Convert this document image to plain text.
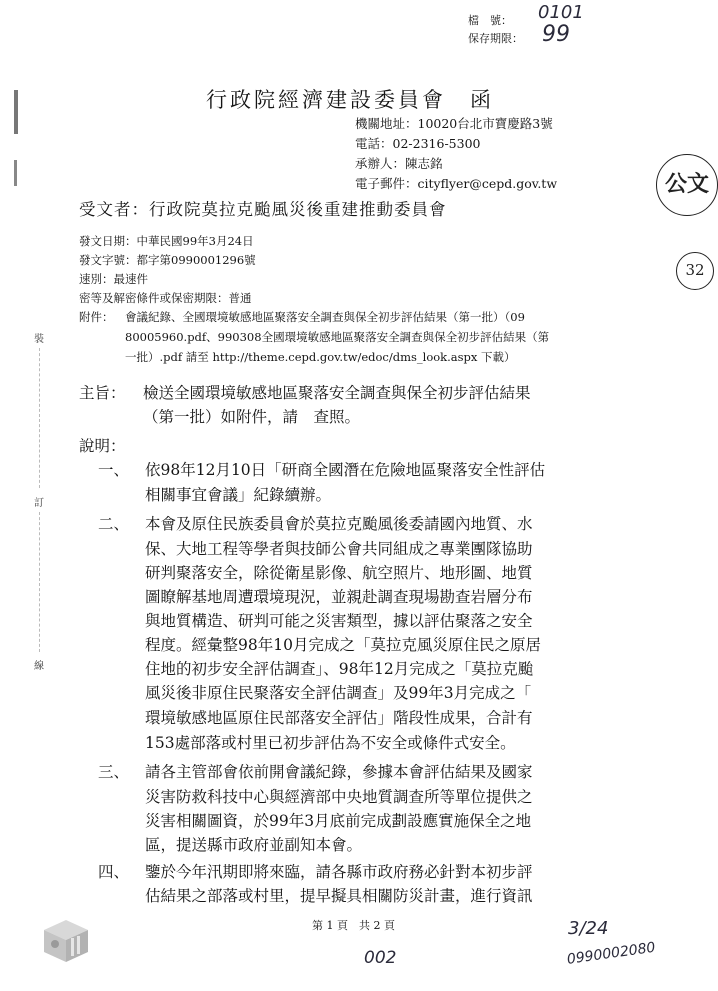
檔　號： 0101
保存期限： 99
裝
訂
線
行政院經濟建設委員會　函
機關地址：10020台北市寶慶路3號
電話：02-2316-5300
承辦人：陳志銘
電子郵件：cityflyer@cepd.gov.tw	公文
32
受文者：行政院莫拉克颱風災後重建推動委員會
發文日期：中華民國99年3月24日
發文字號：都字第0990001296號
速別：最速件
密等及解密條件或保密期限：普通
附件： 會議紀錄、全國環境敏感地區聚落安全調查與保全初步評估結果（第一批）（09
80005960.pdf、990308全國環境敏感地區聚落安全調查與保全初步評估結果（第
一批）.pdf 請至 http://theme.cepd.gov.tw/edoc/dms_look.aspx 下載）
主旨： 檢送全國環境敏感地區聚落安全調查與保全初步評估結果
（第一批）如附件，請　查照。
說明：
一、 依98年12月10日「研商全國潛在危險地區聚落安全性評估
相關事宜會議」紀錄續辦。
二、 本會及原住民族委員會於莫拉克颱風後委請國內地質、水
保、大地工程等學者與技師公會共同組成之專業團隊協助
研判聚落安全，除從衛星影像、航空照片、地形圖、地質
圖瞭解基地周遭環境現況，並親赴調查現場勘查岩層分布
與地質構造、研判可能之災害類型，據以評估聚落之安全
程度。經彙整98年10月完成之「莫拉克風災原住民之原居
住地的初步安全評估調查」、98年12月完成之「莫拉克颱
風災後非原住民聚落安全評估調查」及99年3月完成之「
環境敏感地區原住民部落安全評估」階段性成果，合計有
153處部落或村里已初步評估為不安全或條件式安全。
三、 請各主管部會依前開會議紀錄，參據本會評估結果及國家
災害防救科技中心與經濟部中央地質調查所等單位提供之
災害相關圖資，於99年3月底前完成劃設應實施保全之地
區，提送縣市政府並副知本會。
四、 鑒於今年汛期即將來臨，請各縣市政府務必針對本初步評
估結果之部落或村里，提早擬具相關防災計畫，進行資訊
第 1 頁　共 2 頁
002
3/24
0990002080
